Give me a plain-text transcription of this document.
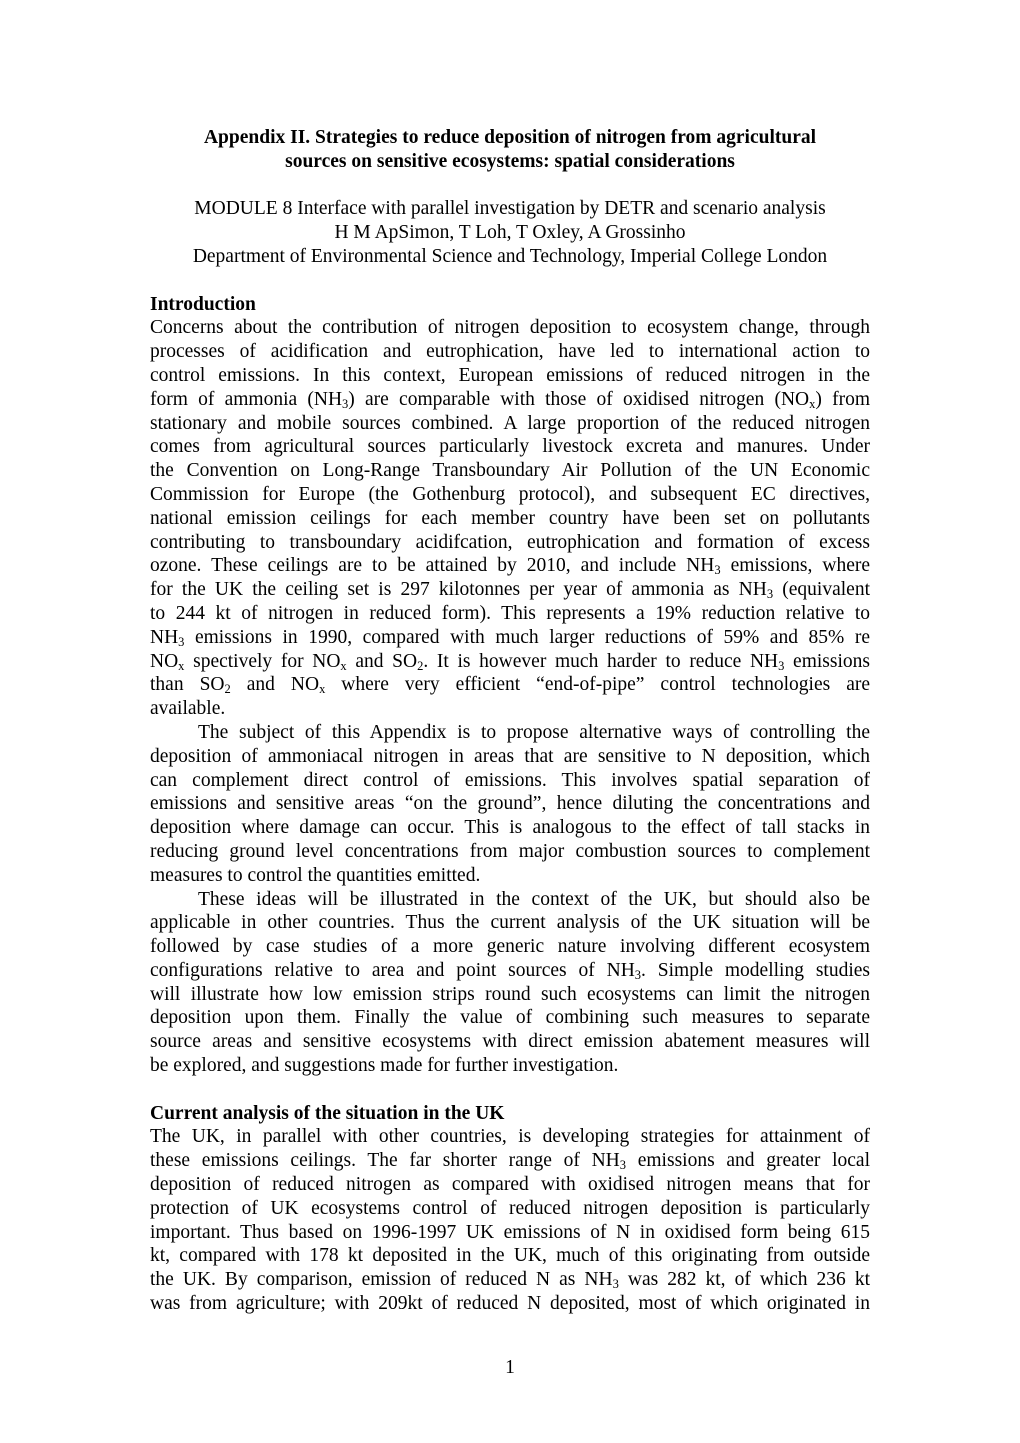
Appendix II. Strategies to reduce deposition of nitrogen from agricultural
sources on sensitive ecosystems: spatial considerations
MODULE 8 Interface with parallel investigation by DETR and scenario analysis
H M ApSimon, T Loh, T Oxley, A Grossinho
Department of Environmental Science and Technology, Imperial College London
Introduction
Concerns about the contribution of nitrogen deposition to ecosystem change, through
processes of acidification and eutrophication, have led to international action to
control emissions. In this context, European emissions of reduced nitrogen in the
form of ammonia $(NH_3)$ are comparable with those of oxidised nitrogen $(NO_x)$ from
stationary and mobile sources combined. A large proportion of the reduced nitrogen
comes from agricultural sources particularly livestock excreta and manures. Under
the Convention on Long-Range Transboundary Air Pollution of the UN Economic
Commission for Europe (the Gothenburg protocol), and subsequent EC directives,
national emission ceilings for each member country have been set on pollutants
contributing to transboundary acidifcation, eutrophication and formation of excess
ozone. These ceilings are to be attained by 2010, and include $NH_3$ emissions, where
for the UK the ceiling set is 297 kilotonnes per year of ammonia as $NH_3$ (equivalent
to 244 kt of nitrogen in reduced form). This represents a 19% reduction relative to
$NH_3$ emissions in 1990, compared with much larger reductions of 59% and 85% re
$NO_x$ spectively for $NO_x$ and $SO_2$. It is however much harder to reduce $NH_3$ emissions
than $SO_2$ and $NO_x$ where very efficient “end-of-pipe” control technologies are
available.
The subject of this Appendix is to propose alternative ways of controlling the
deposition of ammoniacal nitrogen in areas that are sensitive to N deposition, which
can complement direct control of emissions. This involves spatial separation of
emissions and sensitive areas “on the ground”, hence diluting the concentrations and
deposition where damage can occur. This is analogous to the effect of tall stacks in
reducing ground level concentrations from major combustion sources to complement
measures to control the quantities emitted.
These ideas will be illustrated in the context of the UK, but should also be
applicable in other countries. Thus the current analysis of the UK situation will be
followed by case studies of a more generic nature involving different ecosystem
configurations relative to area and point sources of $NH_3$. Simple modelling studies
will illustrate how low emission strips round such ecosystems can limit the nitrogen
deposition upon them. Finally the value of combining such measures to separate
source areas and sensitive ecosystems with direct emission abatement measures will
be explored, and suggestions made for further investigation.
Current analysis of the situation in the UK
The UK, in parallel with other countries, is developing strategies for attainment of
these emissions ceilings. The far shorter range of $NH_3$ emissions and greater local
deposition of reduced nitrogen as compared with oxidised nitrogen means that for
protection of UK ecosystems control of reduced nitrogen deposition is particularly
important. Thus based on 1996-1997 UK emissions of N in oxidised form being 615
kt, compared with 178 kt deposited in the UK, much of this originating from outside
the UK. By comparison, emission of reduced N as $NH_3$ was 282 kt, of which 236 kt
was from agriculture; with 209kt of reduced N deposited, most of which originated in
1
